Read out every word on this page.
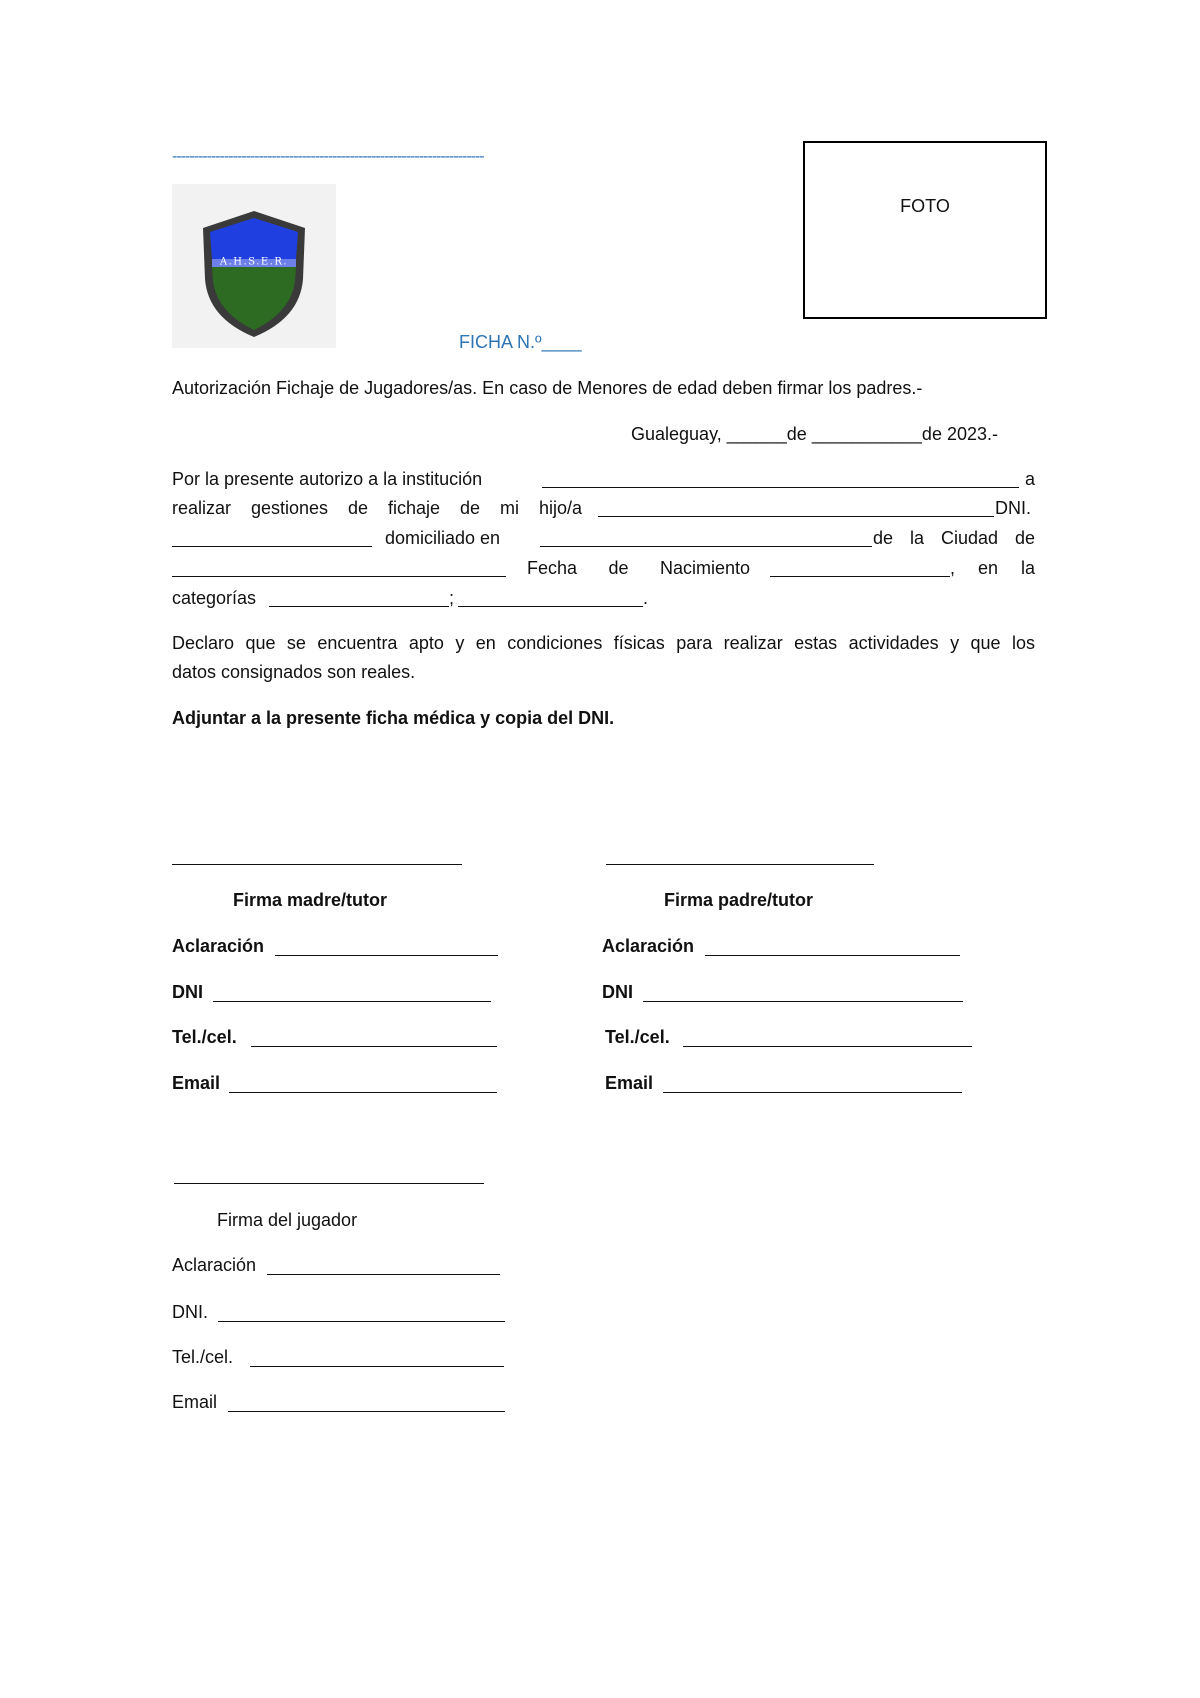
------------------------------------------------------------------------
A.H.S.E.R.
FOTO
FICHA N.º____
Autorización Fichaje de Jugadores/as. En caso de Menores de edad deben firmar los padres.-
Gualeguay, ______de ___________de 2023.-
Por la presente autorizo a la institución	a
realizar gestiones de fichaje de mi hijo/a	DNI.
domiciliado en	de la Ciudad de
Fecha de Nacimiento	, en la
categorías	;	.
Declaro que se encuentra apto y en condiciones físicas para realizar estas actividades y que los
datos consignados son reales.
Adjuntar a la presente ficha médica y copia del DNI.
Firma madre/tutor
Aclaración
DNI
Tel./cel.
Email
Firma padre/tutor
Aclaración
DNI
Tel./cel.
Email
Firma del jugador
Aclaración
DNI.
Tel./cel.
Email
